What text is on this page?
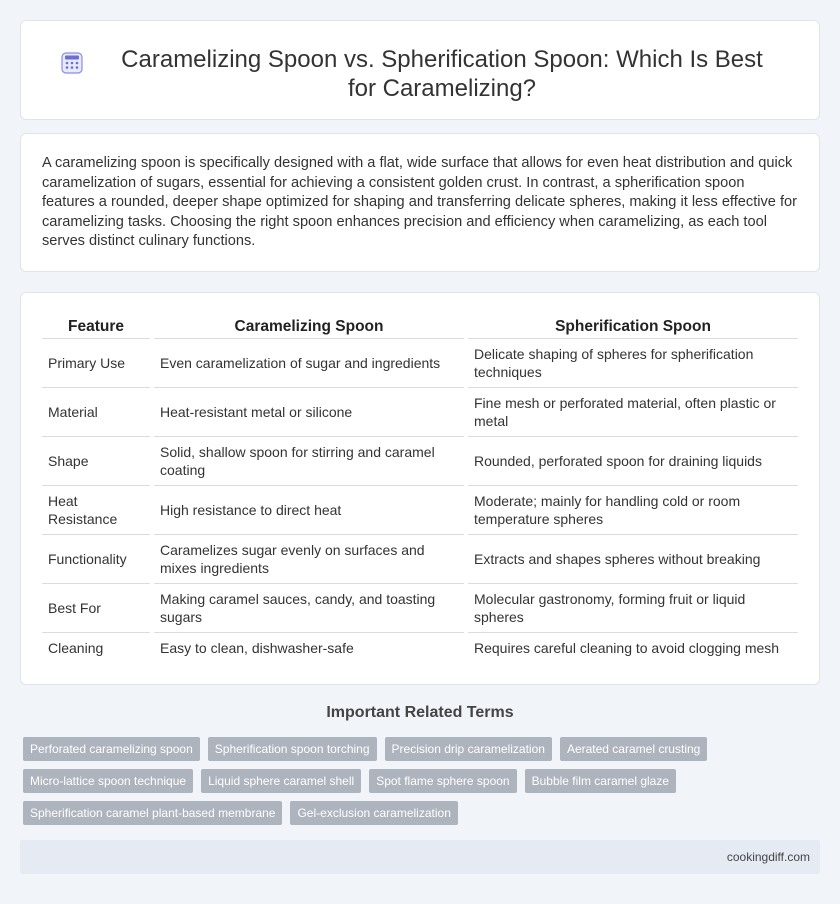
Caramelizing Spoon vs. Spherification Spoon: Which Is Best for Caramelizing?

A caramelizing spoon is specifically designed with a flat, wide surface that allows for even heat distribution and quick caramelization of sugars, essential for achieving a consistent golden crust. In contrast, a spherification spoon features a rounded, deeper shape optimized for shaping and transferring delicate spheres, making it less effective for caramelizing tasks. Choosing the right spoon enhances precision and efficiency when caramelizing, as each tool serves distinct culinary functions.

Feature	Caramelizing Spoon	Spherification Spoon
Primary Use	Even caramelization of sugar and ingredients	Delicate shaping of spheres for spherification techniques
Material	Heat-resistant metal or silicone	Fine mesh or perforated material, often plastic or metal
Shape	Solid, shallow spoon for stirring and caramel coating	Rounded, perforated spoon for draining liquids
Heat Resistance	High resistance to direct heat	Moderate; mainly for handling cold or room temperature spheres
Functionality	Caramelizes sugar evenly on surfaces and mixes ingredients	Extracts and shapes spheres without breaking
Best For	Making caramel sauces, candy, and toasting sugars	Molecular gastronomy, forming fruit or liquid spheres
Cleaning	Easy to clean, dishwasher-safe	Requires careful cleaning to avoid clogging mesh
Important Related Terms
Perforated caramelizing spoon	Spherification spoon torching	Precision drip caramelization	Aerated caramel crusting
Micro-lattice spoon technique	Liquid sphere caramel shell	Spot flame sphere spoon	Bubble film caramel glaze
Spherification caramel plant-based membrane	Gel-exclusion caramelization
cookingdiff.com
